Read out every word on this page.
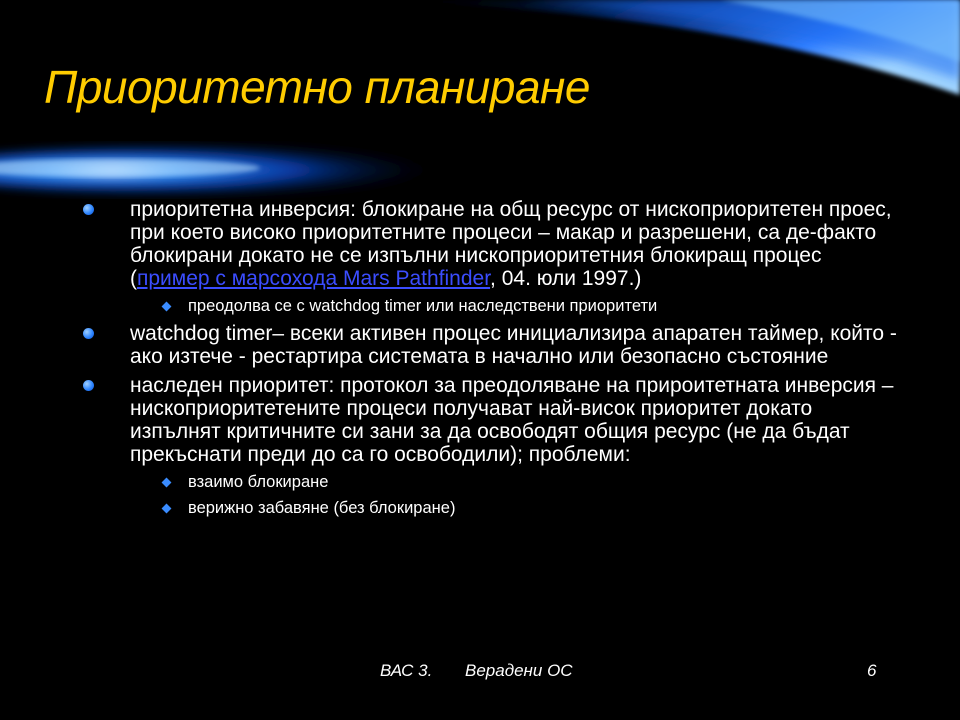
Приоритетно планиране
приоритетна инверсия: блокиране на общ ресурс от нископриоритетен проес, при което високо приоритетните процеси – макар и разрешени, са де-факто блокирани докато не се изпълни нископриоритетния блокиращ процес (пример с марсохода Mars Pathfinder, 04. юли 1997.)
преодолва се с watchdog timer или наследствени приоритети
watchdog timer– всеки активен процес инициализира апаратен таймер, който - ако изтече - рестартира системата в начално или безопасно състояние
наследен приоритет: протокол за преодоляване на прироитетната инверсия – нископриоритетените процеси получават най-висок приоритет докато изпълнят критичните си зани за да освободят общия ресурс (не да бъдат прекъснати преди до са го освободили); проблеми:
взаимо блокиране
верижно забавяне (без блокиране)
ВАС 3. Верадени ОС	6
